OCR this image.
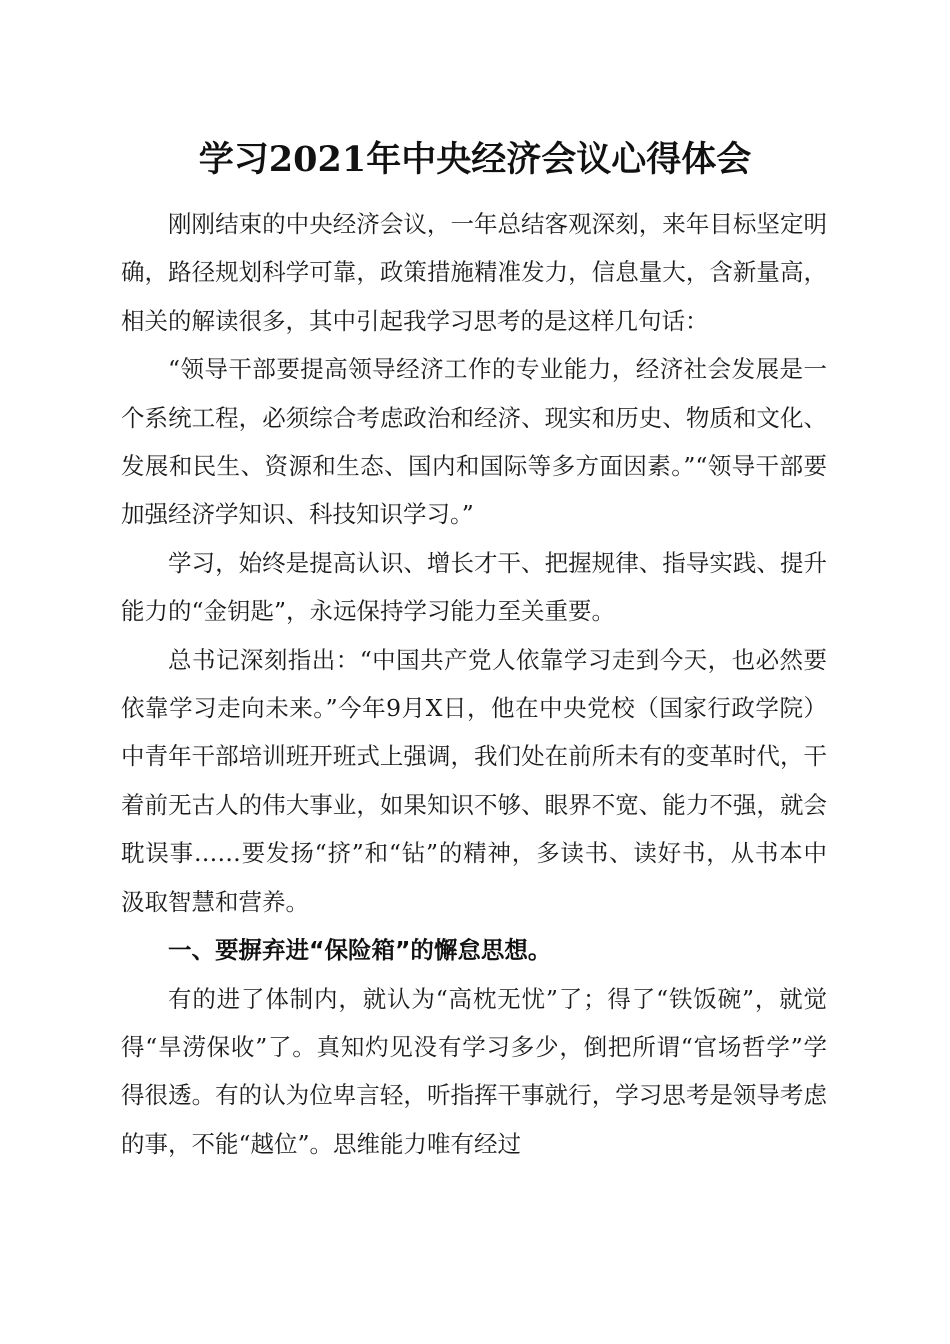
学习2021年中央经济会议心得体会

刚刚结束的中央经济会议，一年总结客观深刻，来年目标坚定明确，路径规划科学可靠，政策措施精准发力，信息量大，含新量高，相关的解读很多，其中引起我学习思考的是这样几句话：

“领导干部要提高领导经济工作的专业能力，经济社会发展是一个系统工程，必须综合考虑政治和经济、现实和历史、物质和文化、发展和民生、资源和生态、国内和国际等多方面因素。”“领导干部要加强经济学知识、科技知识学习。”

学习，始终是提高认识、增长才干、把握规律、指导实践、提升能力的“金钥匙”，永远保持学习能力至关重要。

总书记深刻指出：“中国共产党人依靠学习走到今天，也必然要依靠学习走向未来。”今年9月X日，他在中央党校（国家行政学院）中青年干部培训班开班式上强调，我们处在前所未有的变革时代，干着前无古人的伟大事业，如果知识不够、眼界不宽、能力不强，就会耽误事……要发扬“挤”和“钻”的精神，多读书、读好书，从书本中汲取智慧和营养。

一、要摒弃进“保险箱”的懈怠思想。

有的进了体制内，就认为“高枕无忧”了；得了“铁饭碗”，就觉得“旱涝保收”了。真知灼见没有学习多少，倒把所谓“官场哲学”学得很透。有的认为位卑言轻，听指挥干事就行，学习思考是领导考虑的事，不能“越位”。思维能力唯有经过
